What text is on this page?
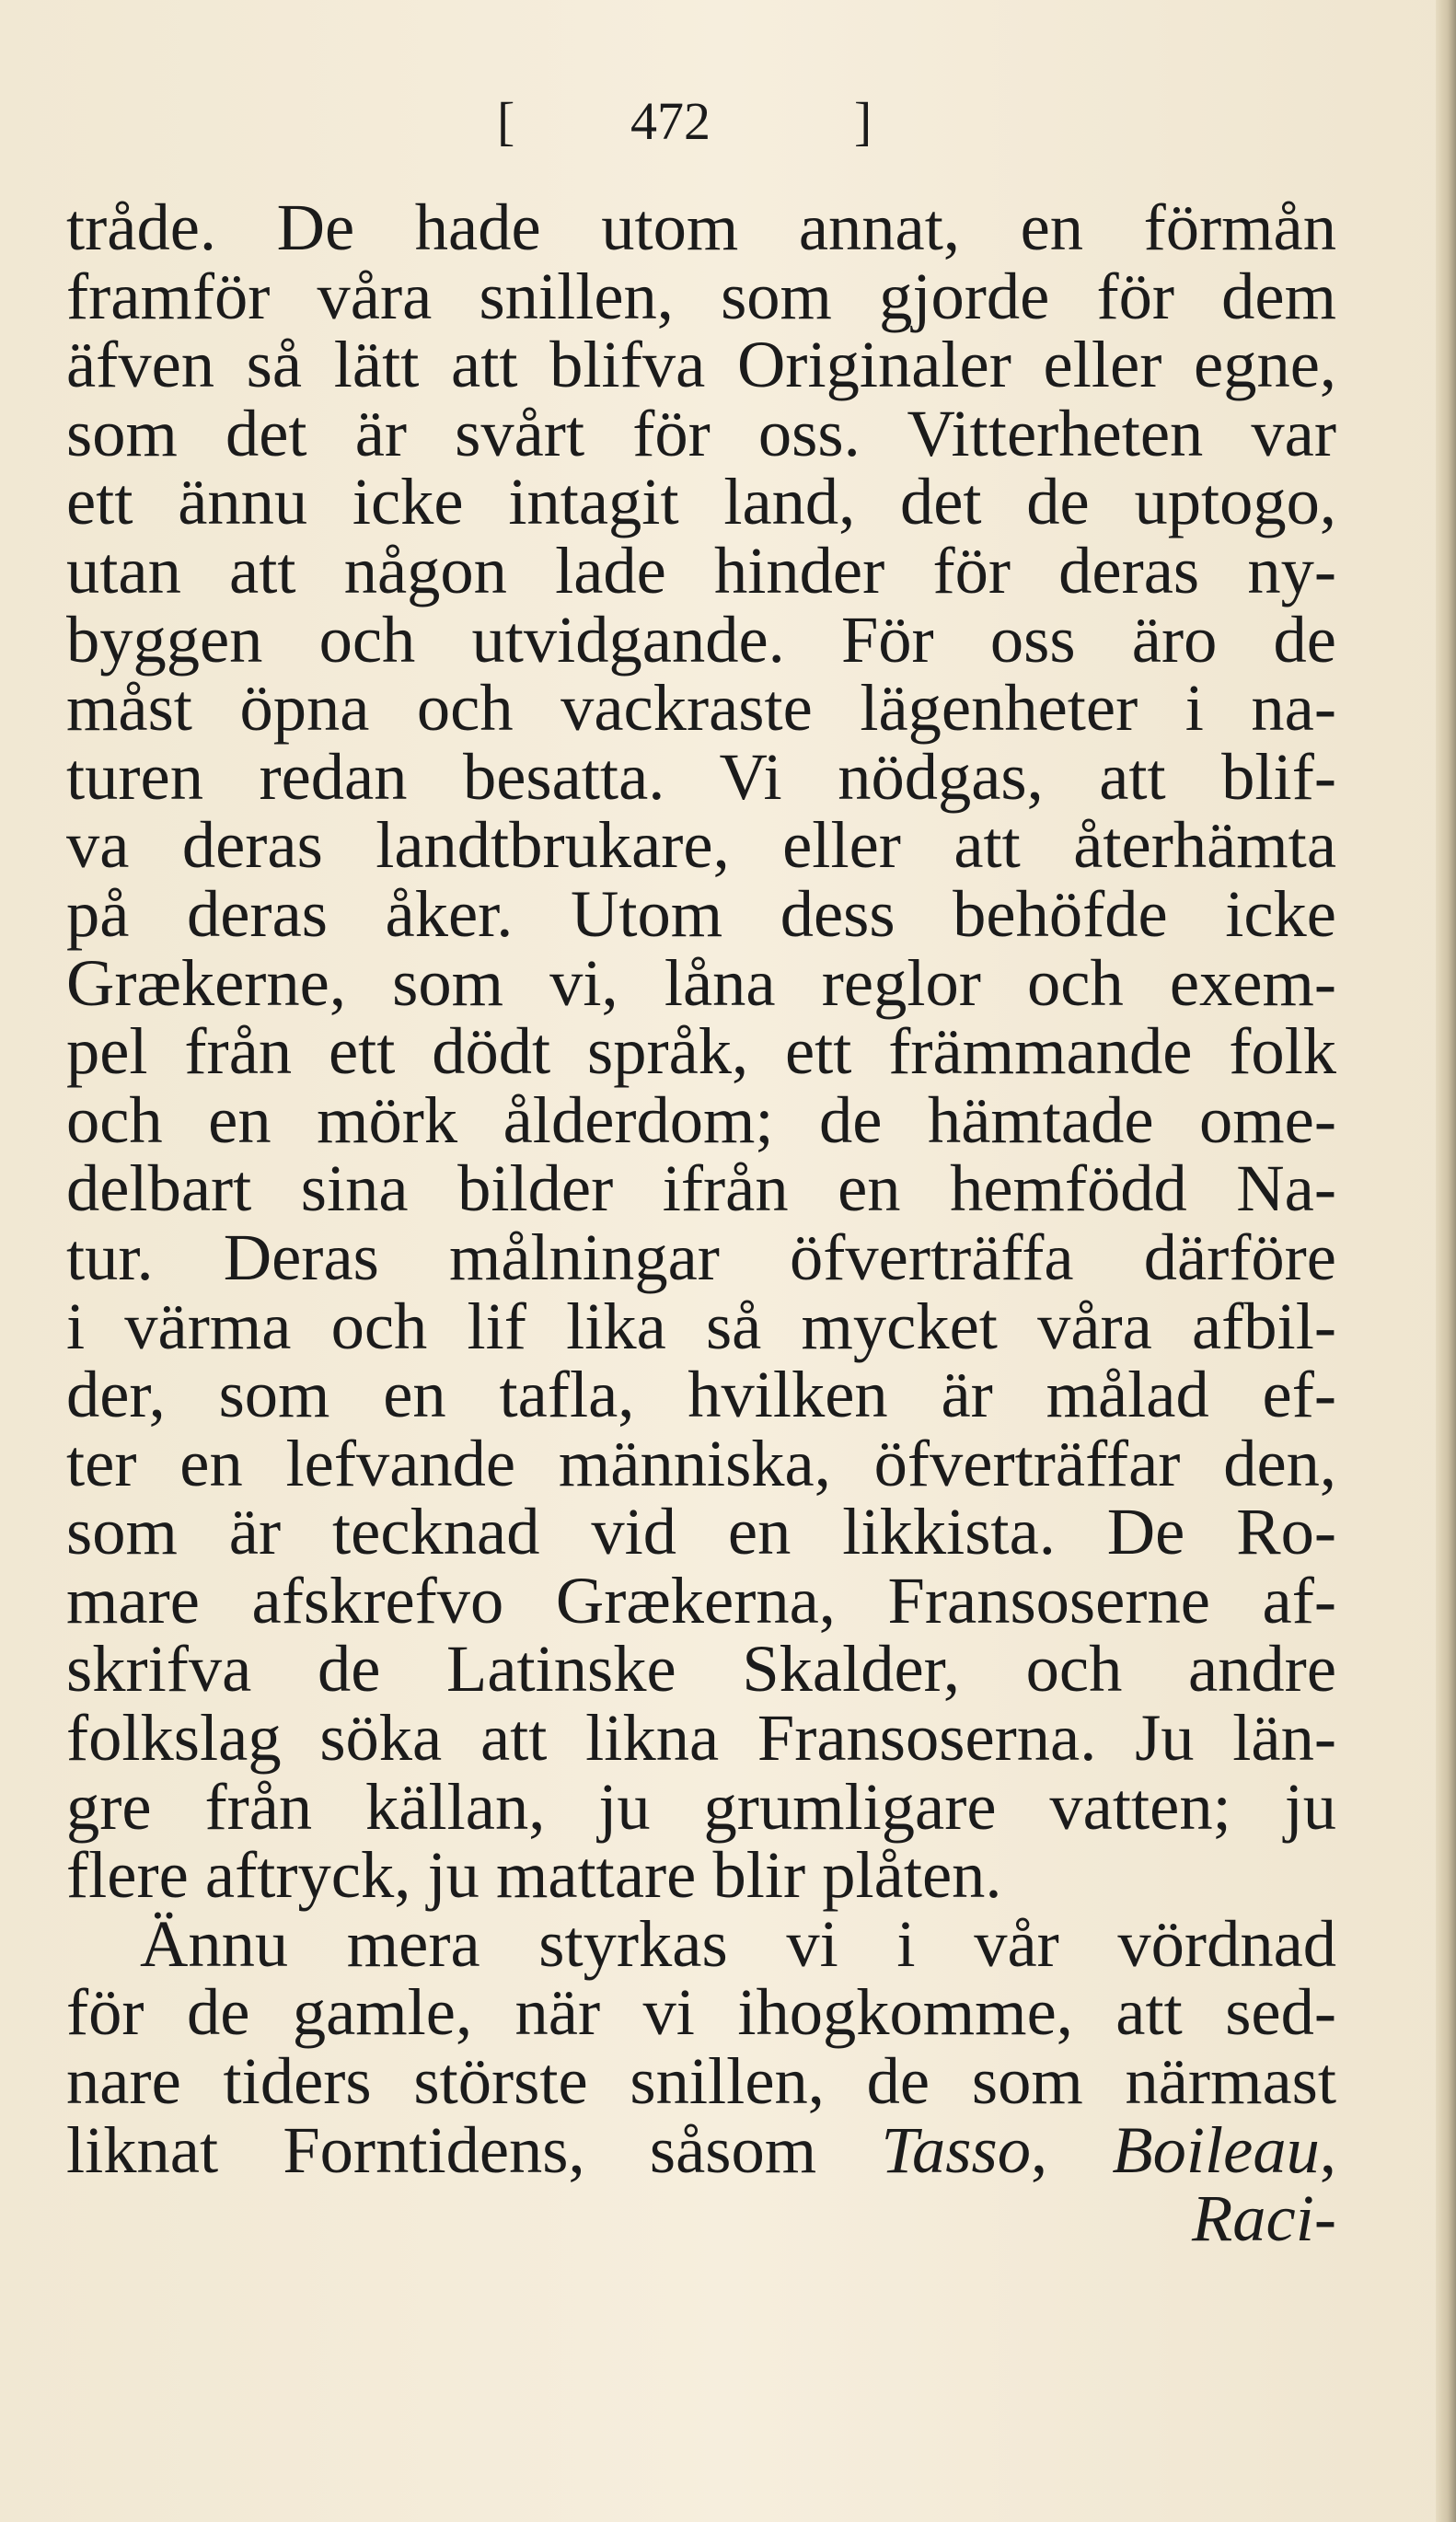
[ 472	]
tråde. De hade utom annat, en förmån
framför våra snillen, som gjorde för dem
äfven så lätt att blifva Originaler eller egne,
som det är svårt för oss. Vitterheten var
ett ännu icke intagit land, det de uptogo,
utan att någon lade hinder för deras ny-
byggen och utvidgande. För oss äro de
måst öpna och vackraste lägenheter i na-
turen redan besatta. Vi nödgas, att blif-
va deras landtbrukare, eller att återhämta
på deras åker. Utom dess behöfde icke
Grækerne, som vi, låna reglor och exem-
pel från ett dödt språk, ett främmande folk
och en mörk ålderdom; de hämtade ome-
delbart sina bilder ifrån en hemfödd Na-
tur. Deras målningar öfverträffa därföre
i värma och lif lika så mycket våra afbil-
der, som en tafla, hvilken är målad ef-
ter en lefvande människa, öfverträffar den,
som är tecknad vid en likkista. De Ro-
mare afskrefvo Grækerna, Fransoserne af-
skrifva de Latinske Skalder, och andre
folkslag söka att likna Fransoserna. Ju län-
gre från källan, ju grumligare vatten; ju
flere aftryck, ju mattare blir plåten.
Ännu mera styrkas vi i vår vördnad
för de gamle, när vi ihogkomme, att sed-
nare tiders störste snillen, de som närmast
liknat Forntidens, såsom Tasso, Boileau,
Raci-
